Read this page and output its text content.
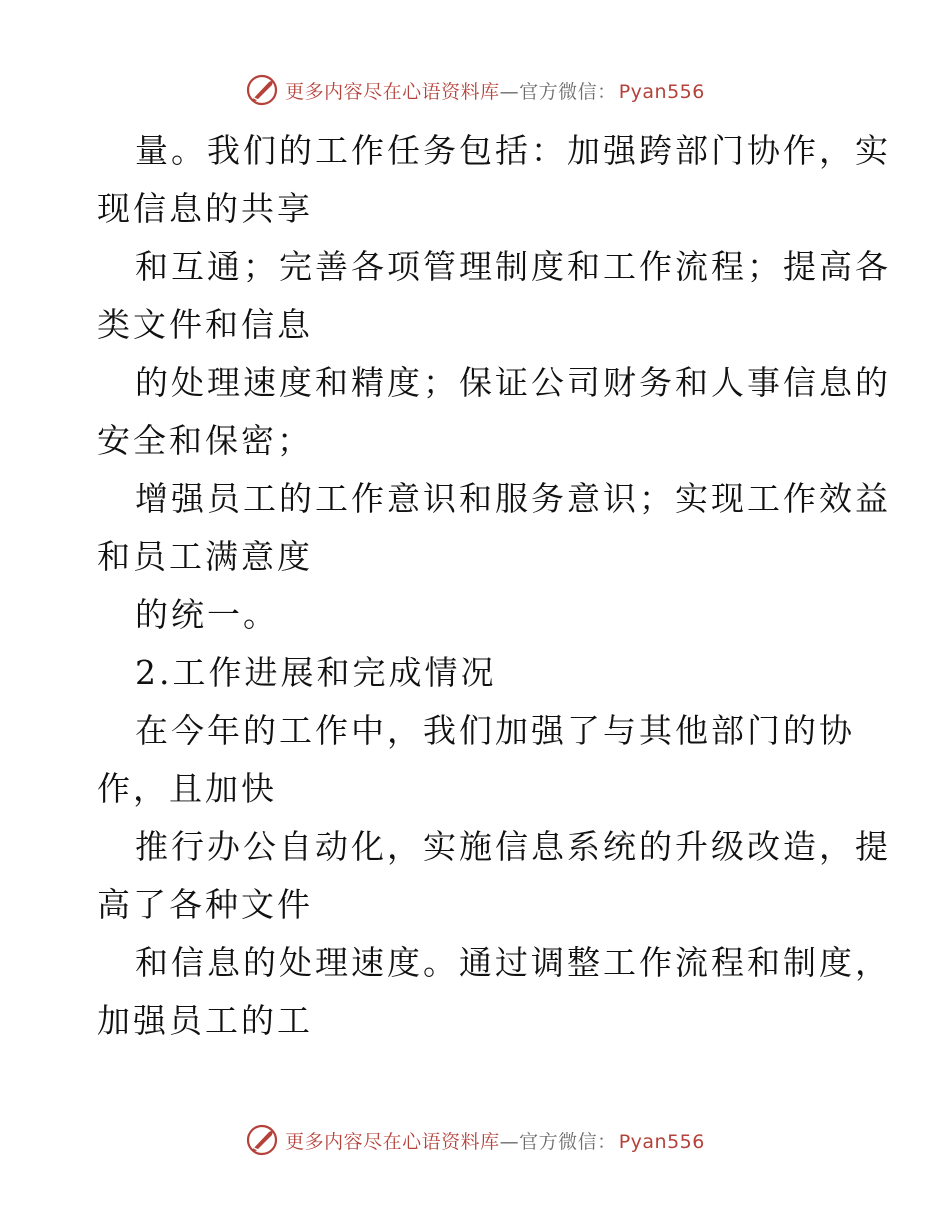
更多内容尽在心语资料库 — 官方微信： Pyan556
量。我们的工作任务包括：加强跨部门协作，实
现信息的共享
和互通；完善各项管理制度和工作流程；提高各
类文件和信息
的处理速度和精度；保证公司财务和人事信息的
安全和保密；
增强员工的工作意识和服务意识；实现工作效益
和员工满意度
的统一。
2.工作进展和完成情况
在今年的工作中，我们加强了与其他部门的协
作，且加快
推行办公自动化，实施信息系统的升级改造，提
高了各种文件
和信息的处理速度。通过调整工作流程和制度，
加强员工的工
更多内容尽在心语资料库 — 官方微信： Pyan556
